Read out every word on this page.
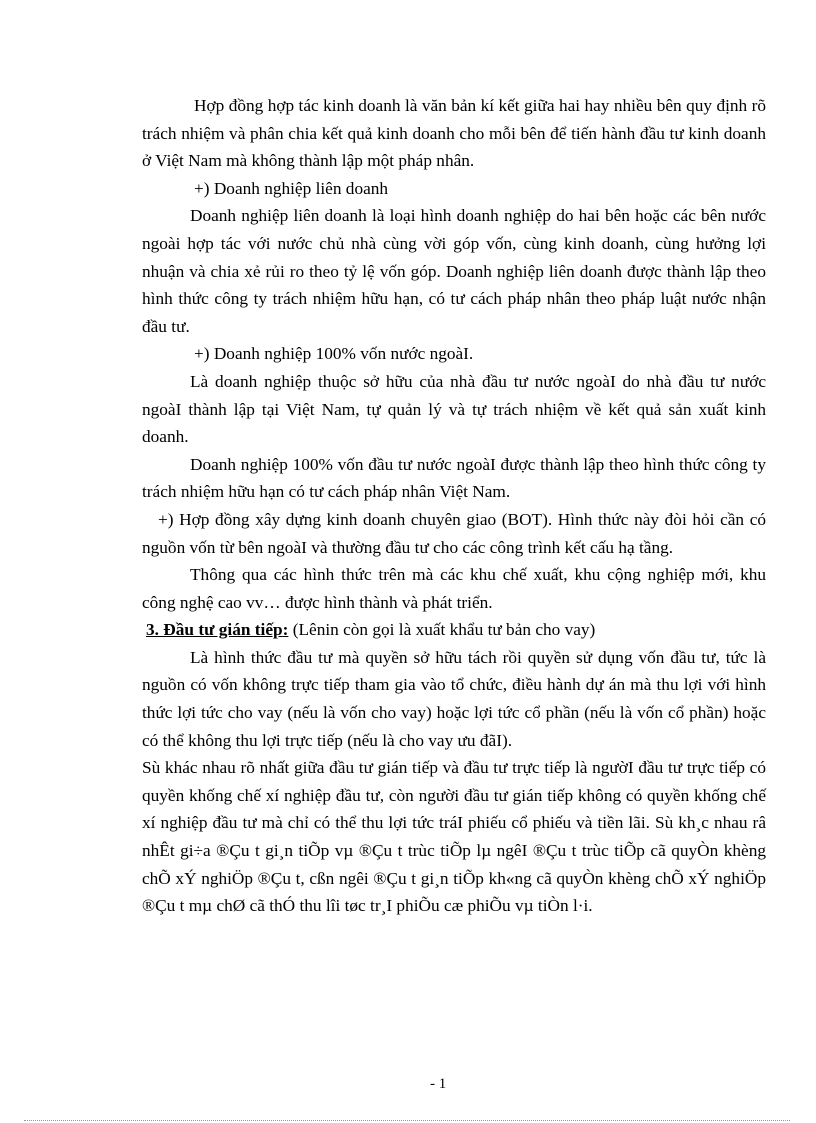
Hợp đồng hợp tác kinh doanh là văn bản kí kết giữa hai hay nhiều bên quy định rõ trách nhiệm và phân chia kết quả kinh doanh cho mỗi bên để tiến hành đầu tư kinh doanh ở Việt Nam mà không thành lập một pháp nhân.

+) Doanh nghiệp liên doanh

Doanh nghiệp liên doanh là loại hình doanh nghiệp do hai bên hoặc các bên nước ngoài hợp tác với nước chủ nhà cùng vời góp vốn, cùng kinh doanh, cùng hưởng lợi nhuận và chia xẻ rủi ro theo tỷ lệ vốn góp. Doanh nghiệp liên doanh được thành lập theo hình thức công ty trách nhiệm hữu hạn, có tư cách pháp nhân theo pháp luật nước nhận đầu tư.

+) Doanh nghiệp 100% vốn nước ngoàI.

Là doanh nghiệp thuộc sở hữu của nhà đầu tư nước ngoàI do nhà đầu tư nước ngoàI thành lập tại Việt Nam, tự quản lý và tự trách nhiệm về kết quả sản xuất kinh doanh.

Doanh nghiệp 100% vốn đầu tư nước ngoàI được thành lập theo hình thức công ty trách nhiệm hữu hạn có tư cách pháp nhân Việt Nam.

+) Hợp đồng xây dựng kinh doanh chuyên giao (BOT). Hình thức này đòi hỏi cần có nguồn vốn từ bên ngoàI và thường đầu tư cho các công trình kết cấu hạ tầng.

Thông qua các hình thức trên mà các khu chế xuất, khu cộng nghiệp mới, khu công nghệ cao vv… được hình thành và phát triển.

3. Đầu tư gián tiếp: (Lênin còn gọi là xuất khẩu tư bản cho vay)

Là hình thức đầu tư mà quyền sở hữu tách rồi quyền sử dụng vốn đầu tư, tức là nguồn có vốn không trực tiếp tham gia vào tổ chức, điều hành dự án mà thu lợi với hình thức lợi tức cho vay (nếu là vốn cho vay) hoặc lợi tức cổ phần (nếu là vốn cổ phần) hoặc có thể không thu lợi trực tiếp (nếu là cho vay ưu đãI).

Sù khác nhau rõ nhất giữa đầu tư gián tiếp và đầu tư trực tiếp là ngườI đầu tư trực tiếp có quyền khống chế xí nghiệp đầu tư, còn người đầu tư gián tiếp không có quyền khống chế xí nghiệp đầu tư mà chỉ có thể thu lợi tức tráI phiếu cổ phiếu và tiền lãi. Sù kh¸c nhau râ nhÊt gi÷a ®Çu t gi¸n tiÕp vµ ®Çu t trùc tiÕp lµ ngêI ®Çu t trùc tiÕp cã quyÒn khèng chÕ xÝ nghiÖp ®Çu t, cßn ngêi ®Çu t gi¸n tiÕp kh«ng cã quyÒn khèng chÕ xÝ nghiÖp ®Çu t mµ chØ cã thÓ thu lîi tøc tr¸I phiÕu cæ phiÕu vµ tiÒn l·i.

- 1
